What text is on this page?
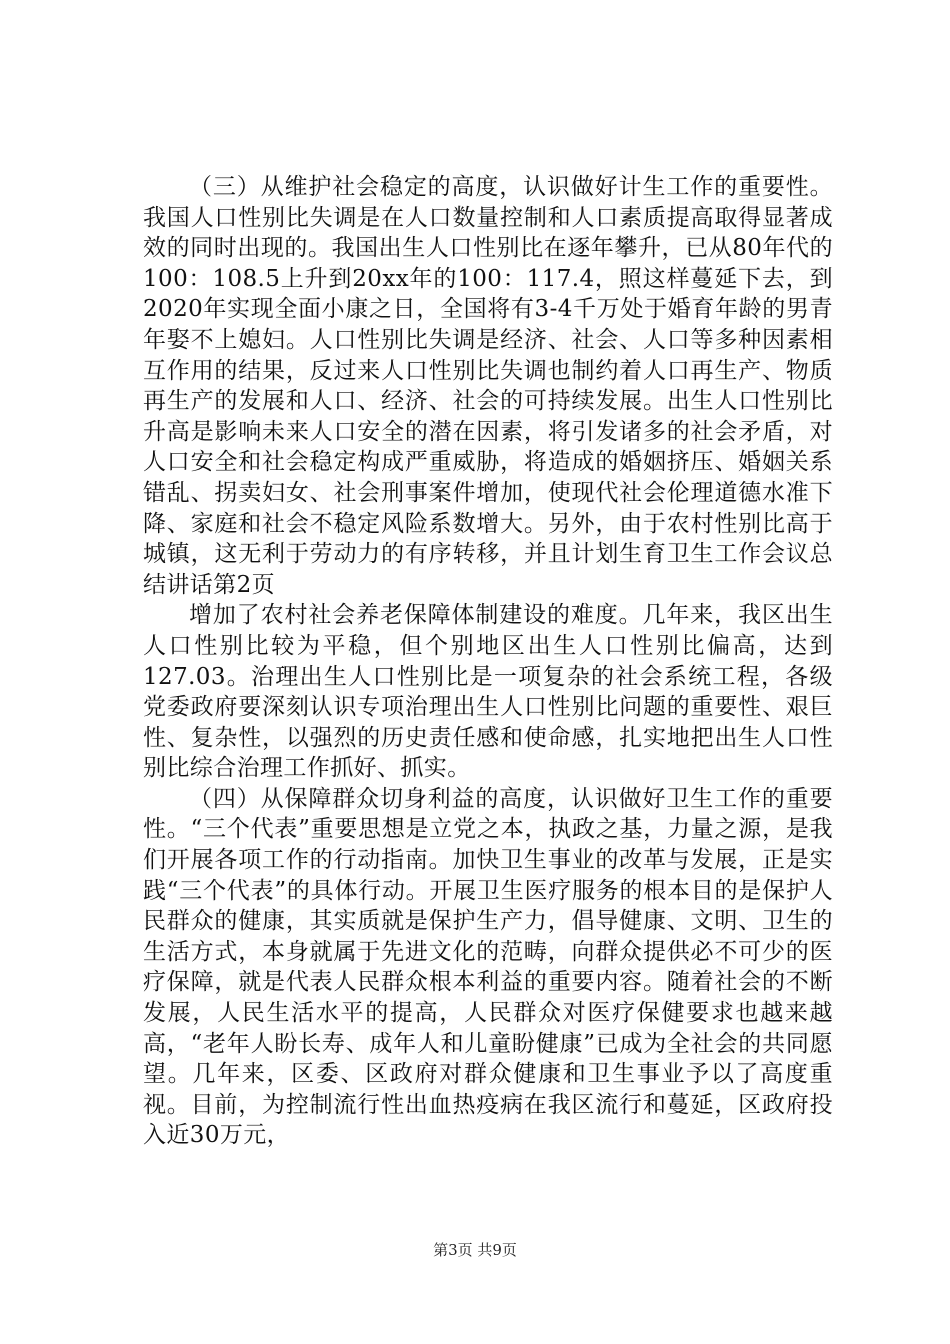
（三）从维护社会稳定的高度，认识做好计生工作的重要性。我国人口性别比失调是在人口数量控制和人口素质提高取得显著成效的同时出现的。我国出生人口性别比在逐年攀升，已从80年代的100：108.5上升到20xx年的100：117.4，照这样蔓延下去，到2020年实现全面小康之日，全国将有3-4千万处于婚育年龄的男青年娶不上媳妇。人口性别比失调是经济、社会、人口等多种因素相互作用的结果，反过来人口性别比失调也制约着人口再生产、物质再生产的发展和人口、经济、社会的可持续发展。出生人口性别比升高是影响未来人口安全的潜在因素，将引发诸多的社会矛盾，对人口安全和社会稳定构成严重威胁，将造成的婚姻挤压、婚姻关系错乱、拐卖妇女、社会刑事案件增加，使现代社会伦理道德水准下降、家庭和社会不稳定风险系数增大。另外，由于农村性别比高于城镇，这无利于劳动力的有序转移，并且计划生育卫生工作会议总结讲话第2页

增加了农村社会养老保障体制建设的难度。几年来，我区出生人口性别比较为平稳，但个别地区出生人口性别比偏高，达到127.03。治理出生人口性别比是一项复杂的社会系统工程，各级党委政府要深刻认识专项治理出生人口性别比问题的重要性、艰巨性、复杂性，以强烈的历史责任感和使命感，扎实地把出生人口性别比综合治理工作抓好、抓实。

（四）从保障群众切身利益的高度，认识做好卫生工作的重要性。“三个代表”重要思想是立党之本，执政之基，力量之源，是我们开展各项工作的行动指南。加快卫生事业的改革与发展，正是实践“三个代表”的具体行动。开展卫生医疗服务的根本目的是保护人民群众的健康，其实质就是保护生产力，倡导健康、文明、卫生的生活方式，本身就属于先进文化的范畴，向群众提供必不可少的医疗保障，就是代表人民群众根本利益的重要内容。随着社会的不断发展，人民生活水平的提高，人民群众对医疗保健要求也越来越高，“老年人盼长寿、成年人和儿童盼健康”已成为全社会的共同愿望。几年来，区委、区政府对群众健康和卫生事业予以了高度重视。目前，为控制流行性出血热疫病在我区流行和蔓延，区政府投入近30万元，

第3页 共9页
